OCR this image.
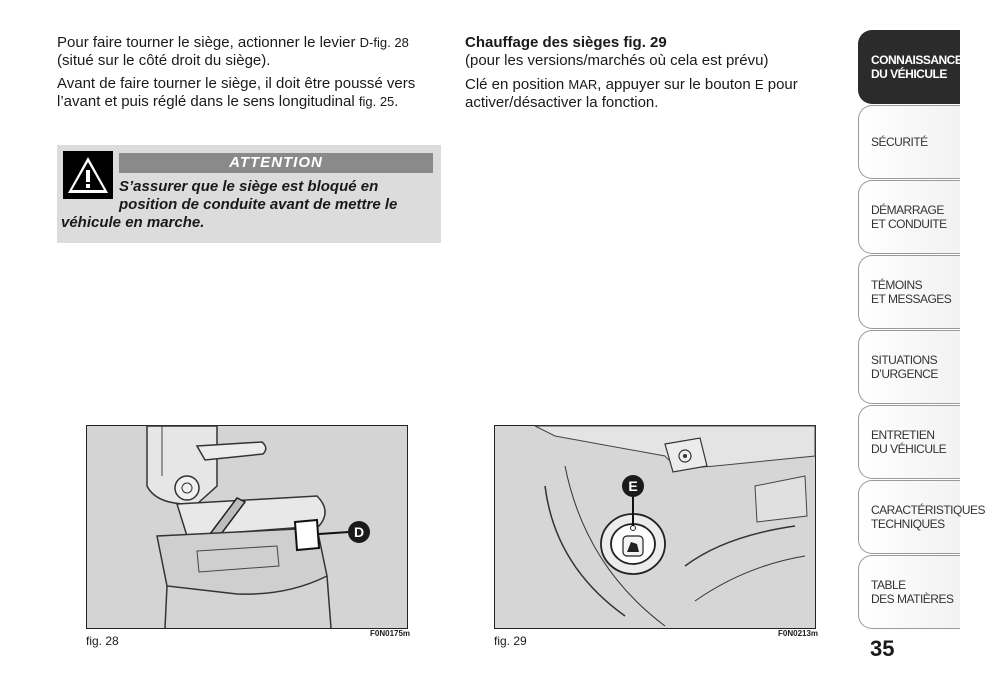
Pour faire tourner le siège, actionner le levier D-fig. 28 (situé sur le côté droit du siège).

Avant de faire tourner le siège, il doit être poussé vers l’avant et puis réglé dans le sens longitudinal fig. 25.

ATTENTION
S’assurer que le siège est bloqué en
position de conduite avant de mettre le
véhicule en marche.

Chauffage des sièges fig. 29

(pour les versions/marchés où cela est prévu)

Clé en position MAR, appuyer sur le bouton E pour activer/désactiver la fonction.

D
fig. 28
F0N0175m
E
fig. 29
F0N0213m
35
CONNAISSANCE
DU VÉHICULE
SÉCURITÉ
DÉMARRAGE
ET CONDUITE
TÉMOINS
ET MESSAGES
SITUATIONS
D’URGENCE
ENTRETIEN
DU VÉHICULE
CARACTÉRISTIQUES
TECHNIQUES
TABLE
DES MATIÈRES
